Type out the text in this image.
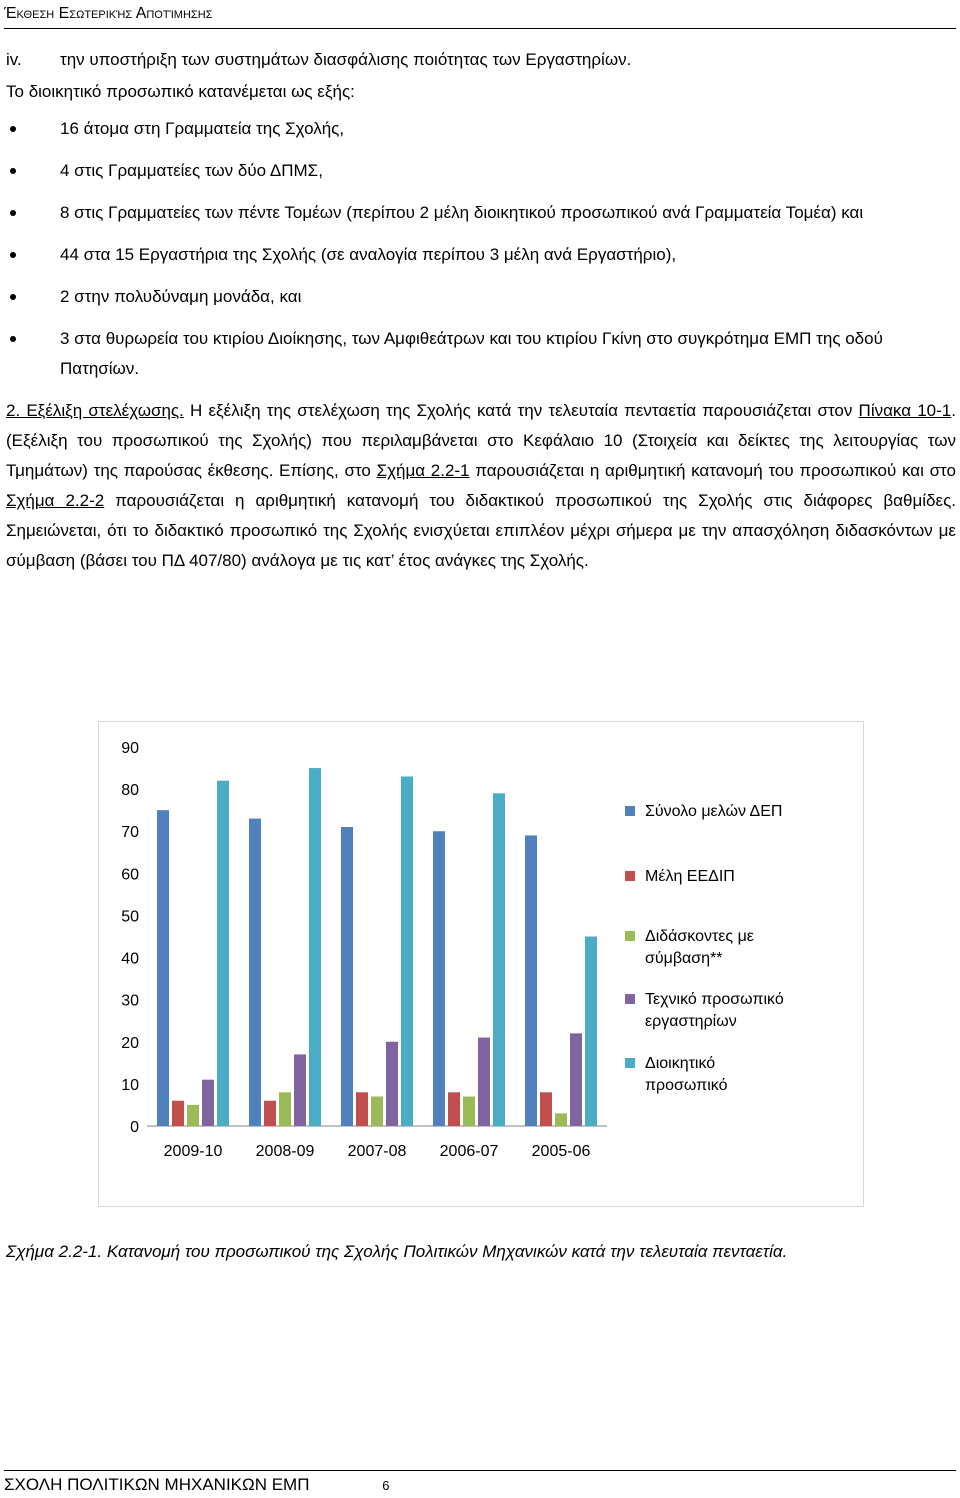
Έκθεση Εσωτερικής Αποτίμησης
iv.	την υποστήριξη των συστημάτων διασφάλισης ποιότητας των Εργαστηρίων.
Το διοικητικό προσωπικό κατανέμεται ως εξής:
16 άτομα στη Γραμματεία της Σχολής,
4 στις Γραμματείες των δύο ΔΠΜΣ,
8 στις Γραμματείες των πέντε Τομέων (περίπου 2 μέλη διοικητικού προσωπικού ανά Γραμματεία Τομέα) και
44 στα 15 Εργαστήρια της Σχολής (σε αναλογία περίπου 3 μέλη ανά Εργαστήριο),
2 στην πολυδύναμη μονάδα, και
3 στα θυρωρεία του κτιρίου Διοίκησης, των Αμφιθεάτρων και του κτιρίου Γκίνη στο συγκρότημα ΕΜΠ της οδού Πατησίων.
2. Εξέλιξη στελέχωσης. Η εξέλιξη της στελέχωση της Σχολής κατά την τελευταία πενταετία παρουσιάζεται στον Πίνακα 10-1. (Εξέλιξη του προσωπικού της Σχολής) που περιλαμβάνεται στο Κεφάλαιο 10 (Στοιχεία και δείκτες της λειτουργίας των Τμημάτων) της παρούσας έκθεσης. Επίσης, στο Σχήμα 2.2-1 παρουσιάζεται η αριθμητική κατανομή του προσωπικού και στο Σχήμα 2.2-2 παρουσιάζεται η αριθμητική κατανομή του διδακτικού προσωπικού της Σχολής στις διάφορες βαθμίδες. Σημειώνεται, ότι το διδακτικό προσωπικό της Σχολής ενισχύεται επιπλέον μέχρι σήμερα με την απασχόληση διδασκόντων με σύμβαση (βάσει του ΠΔ 407/80) ανάλογα με τις κατ’ έτος ανάγκες της Σχολής.
0
10
20
30
40
50
60
70
80
90
2009-10 2008-09 2007-08 2006-07 2005-06
Σύνολο μελών ΔΕΠ
Μέλη ΕΕΔΙΠ
Διδάσκοντες με
σύμβαση**
Τεχνικό προσωπικό
εργαστηρίων
Διοικητικό
προσωπικό
Σχήμα 2.2-1. Κατανομή του προσωπικού της Σχολής Πολιτικών Μηχανικών κατά την τελευταία πενταετία.
ΣΧΟΛΗ ΠΟΛΙΤΙΚΩΝ ΜΗΧΑΝΙΚΩΝ ΕΜΠ	6
